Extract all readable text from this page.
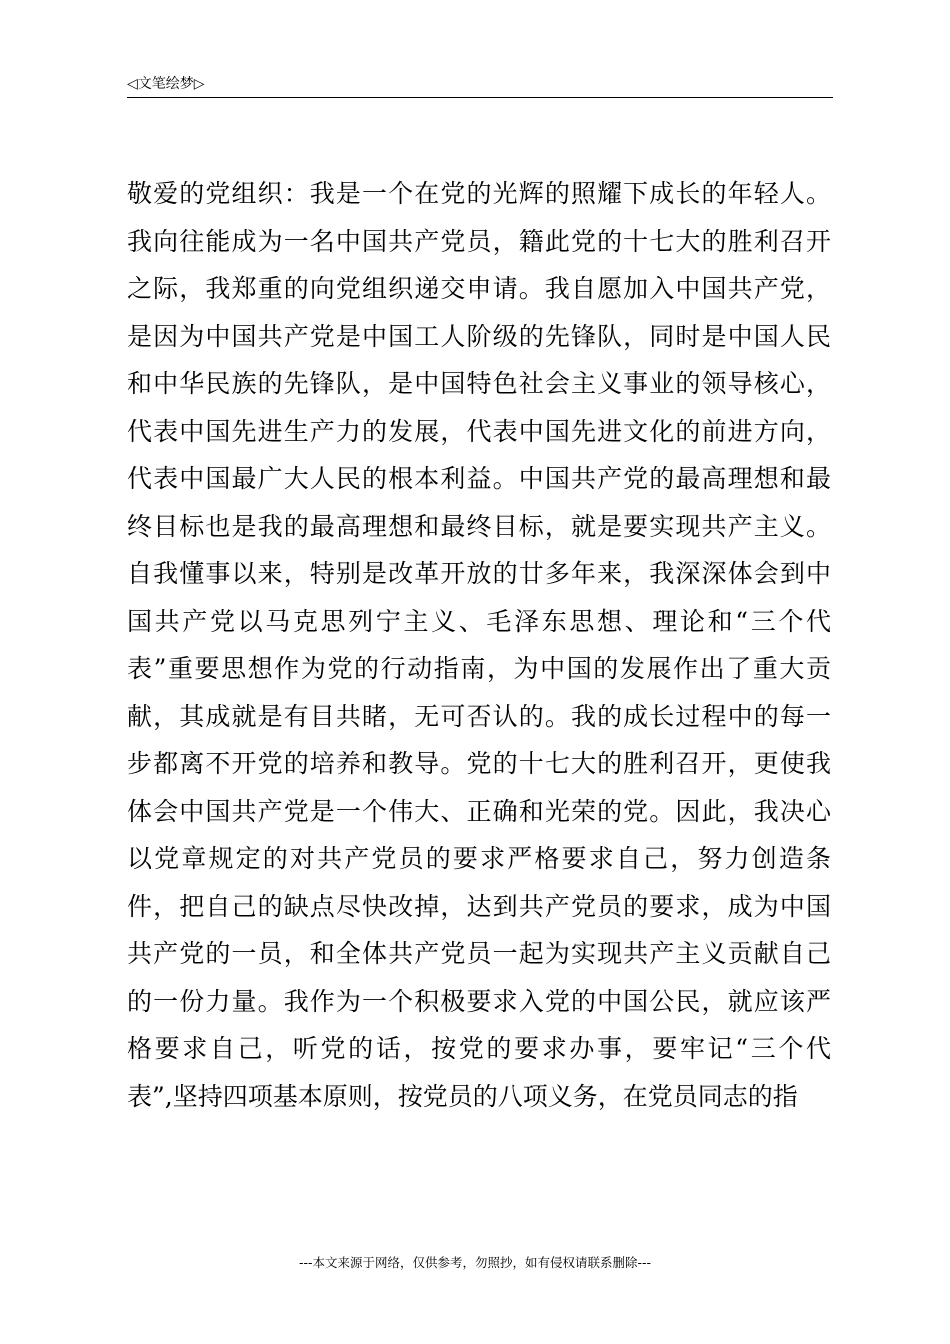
◁文笔绘梦▷
敬爱的党组织：我是一个在党的光辉的照耀下成长的年轻人。
我向往能成为一名中国共产党员，籍此党的十七大的胜利召开
之际，我郑重的向党组织递交申请。我自愿加入中国共产党，
是因为中国共产党是中国工人阶级的先锋队，同时是中国人民
和中华民族的先锋队，是中国特色社会主义事业的领导核心，
代表中国先进生产力的发展，代表中国先进文化的前进方向，
代表中国最广大人民的根本利益。中国共产党的最高理想和最
终目标也是我的最高理想和最终目标，就是要实现共产主义。
自我懂事以来，特别是改革开放的廿多年来，我深深体会到中
国共产党以马克思列宁主义、毛泽东思想、理论和“三个代
表”重要思想作为党的行动指南，为中国的发展作出了重大贡
献，其成就是有目共睹，无可否认的。我的成长过程中的每一
步都离不开党的培养和教导。党的十七大的胜利召开，更使我
体会中国共产党是一个伟大、正确和光荣的党。因此，我决心
以党章规定的对共产党员的要求严格要求自己，努力创造条
件，把自己的缺点尽快改掉，达到共产党员的要求，成为中国
共产党的一员，和全体共产党员一起为实现共产主义贡献自己
的一份力量。我作为一个积极要求入党的中国公民，就应该严
格要求自己，听党的话，按党的要求办事，要牢记“三个代
表”,坚持四项基本原则，按党员的八项义务，在党员同志的指
---本文来源于网络，仅供参考，勿照抄，如有侵权请联系删除---
